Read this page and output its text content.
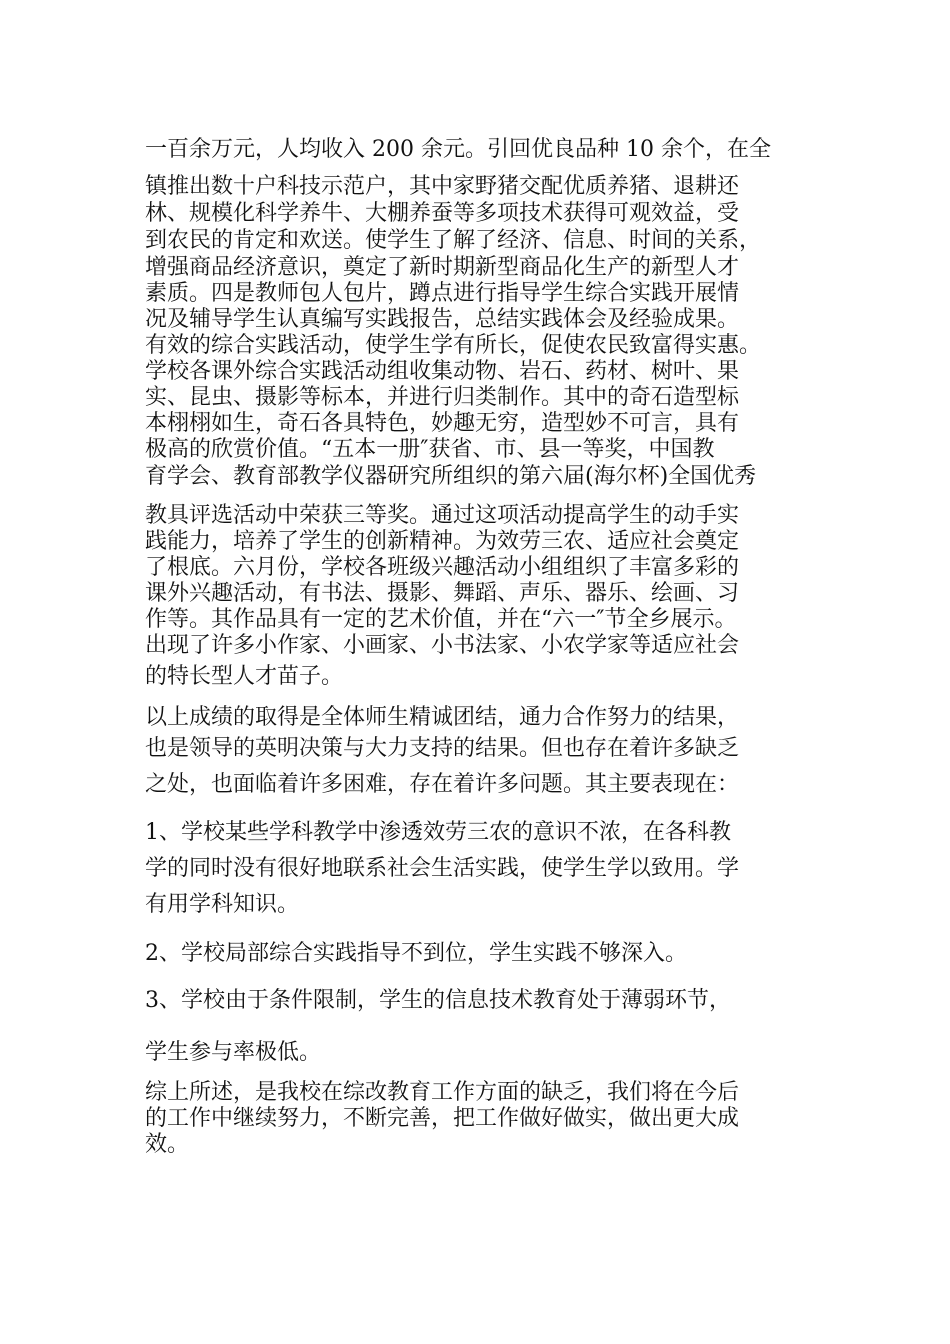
一百余万元，人均收入 200 余元。引回优良品种 10 余个，在全
镇推出数十户科技示范户，其中家野猪交配优质养猪、退耕还
林、规模化科学养牛、大棚养蚕等多项技术获得可观效益，受
到农民的肯定和欢送。使学生了解了经济、信息、时间的关系，
增强商品经济意识，奠定了新时期新型商品化生产的新型人才
素质。四是教师包人包片，蹲点进行指导学生综合实践开展情
况及辅导学生认真编写实践报告，总结实践体会及经验成果。
有效的综合实践活动，使学生学有所长，促使农民致富得实惠。
学校各课外综合实践活动组收集动物、岩石、药材、树叶、果
实、昆虫、摄影等标本，并进行归类制作。其中的奇石造型标
本栩栩如生，奇石各具特色，妙趣无穷，造型妙不可言，具有
极高的欣赏价值。“五本一册″获省、市、县一等奖，中国教
育学会、教育部教学仪器研究所组织的第六届(海尔杯)全国优秀
教具评选活动中荣获三等奖。通过这项活动提高学生的动手实
践能力，培养了学生的创新精神。为效劳三农、适应社会奠定
了根底。六月份，学校各班级兴趣活动小组组织了丰富多彩的
课外兴趣活动，有书法、摄影、舞蹈、声乐、器乐、绘画、习
作等。其作品具有一定的艺术价值，并在“六一″节全乡展示。
出现了许多小作家、小画家、小书法家、小农学家等适应社会
的特长型人才苗子。
以上成绩的取得是全体师生精诚团结，通力合作努力的结果，
也是领导的英明决策与大力支持的结果。但也存在着许多缺乏
之处，也面临着许多困难，存在着许多问题。其主要表现在：
1、学校某些学科教学中渗透效劳三农的意识不浓，在各科教
学的同时没有很好地联系社会生活实践，使学生学以致用。学
有用学科知识。
2、学校局部综合实践指导不到位，学生实践不够深入。
3、学校由于条件限制，学生的信息技术教育处于薄弱环节，
学生参与率极低。
综上所述，是我校在综改教育工作方面的缺乏，我们将在今后
的工作中继续努力，不断完善，把工作做好做实，做出更大成
效。
